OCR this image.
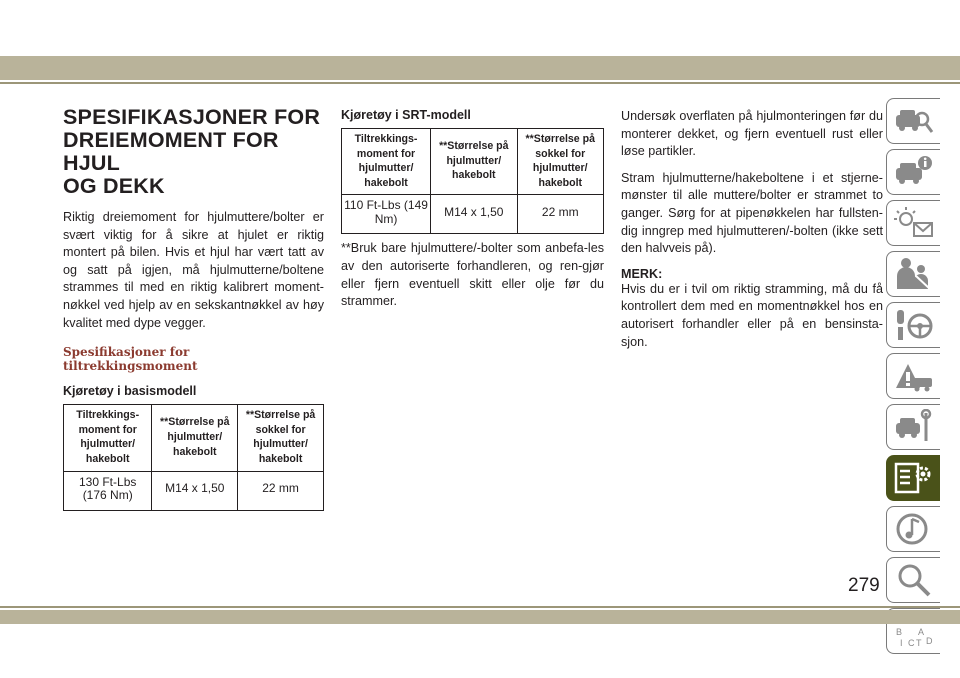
SPESIFIKASJONER FOR
DREIEMOMENT FOR HJUL
OG DEKK

Riktig dreiemoment for hjulmuttere/bolter er svært viktig for å sikre at hjulet er riktig montert på bilen. Hvis et hjul har vært tatt av og satt på igjen, må hjulmutterne/boltene strammes til med en riktig kalibrert moment-nøkkel ved hjelp av en sekskantnøkkel av høy kvalitet med dype vegger.

Spesifikasjoner for tiltrekkingsmoment
Kjøretøy i basismodell
Tiltrekkings-moment for hjulmutter/ hakebolt	**Størrelse på hjulmutter/ hakebolt	**Størrelse på sokkel for hjulmutter/ hakebolt
130 Ft-Lbs (176 Nm)	M14 x 1,50	22 mm
Kjøretøy i SRT-modell
Tiltrekkings-moment for hjulmutter/ hakebolt	**Størrelse på hjulmutter/ hakebolt	**Størrelse på sokkel for hjulmutter/ hakebolt
110 Ft-Lbs (149 Nm)	M14 x 1,50	22 mm

**Bruk bare hjulmuttere/-bolter som anbefa-les av den autoriserte forhandleren, og ren-gjør eller fjern eventuell skitt eller olje før du strammer.

Undersøk overflaten på hjulmonteringen før du monterer dekket, og fjern eventuell rust eller løse partikler.

Stram hjulmutterne/hakeboltene i et stjerne-mønster til alle muttere/bolter er strammet to ganger. Sørg for at pipenøkkelen har fullsten-dig inngrep med hjulmutteren/-bolten (ikke sett den halvveis på).

MERK:

Hvis du er i tvil om riktig stramming, må du få kontrollert dem med en momentnøkkel hos en autorisert forhandler eller på en bensinsta-sjon.

B A
I C T D
279
